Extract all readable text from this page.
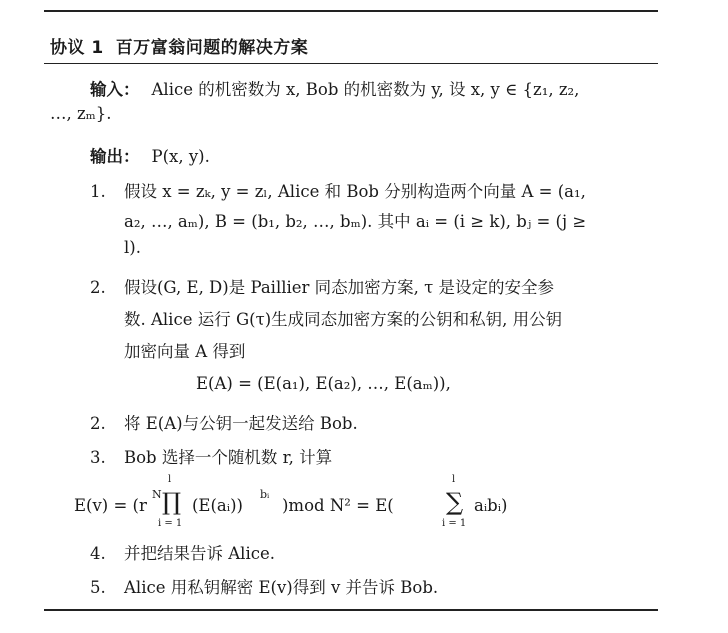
协议 1 百万富翁问题的解决方案
输入： Alice 的机密数为 x, Bob 的机密数为 y, 设 x, y ∈ {z₁, z₂,
…, zₘ}.
输出： P(x, y).
1. 假设 x = zₖ, y = zₗ, Alice 和 Bob 分别构造两个向量 A = (a₁,
a₂, …, aₘ), B = (b₁, b₂, …, bₘ). 其中 aᵢ = (i ≥ k), bⱼ = (j ≥
l).
2. 假设(G, E, D)是 Paillier 同态加密方案, τ 是设定的安全参
数. Alice 运行 G(τ)生成同态加密方案的公钥和私钥, 用公钥
加密向量 A 得到
E(A) = (E(a₁), E(a₂), …, E(aₘ)),
2. 将 E(A)与公钥一起发送给 Bob.
3. Bob 选择一个随机数 r, 计算
E(v) = (r
N
l
∏
i = 1
(E(aᵢ))
bᵢ
)mod N² = E(
l
∑
i = 1
aᵢbᵢ)
4. 并把结果告诉 Alice.
5. Alice 用私钥解密 E(v)得到 v 并告诉 Bob.
